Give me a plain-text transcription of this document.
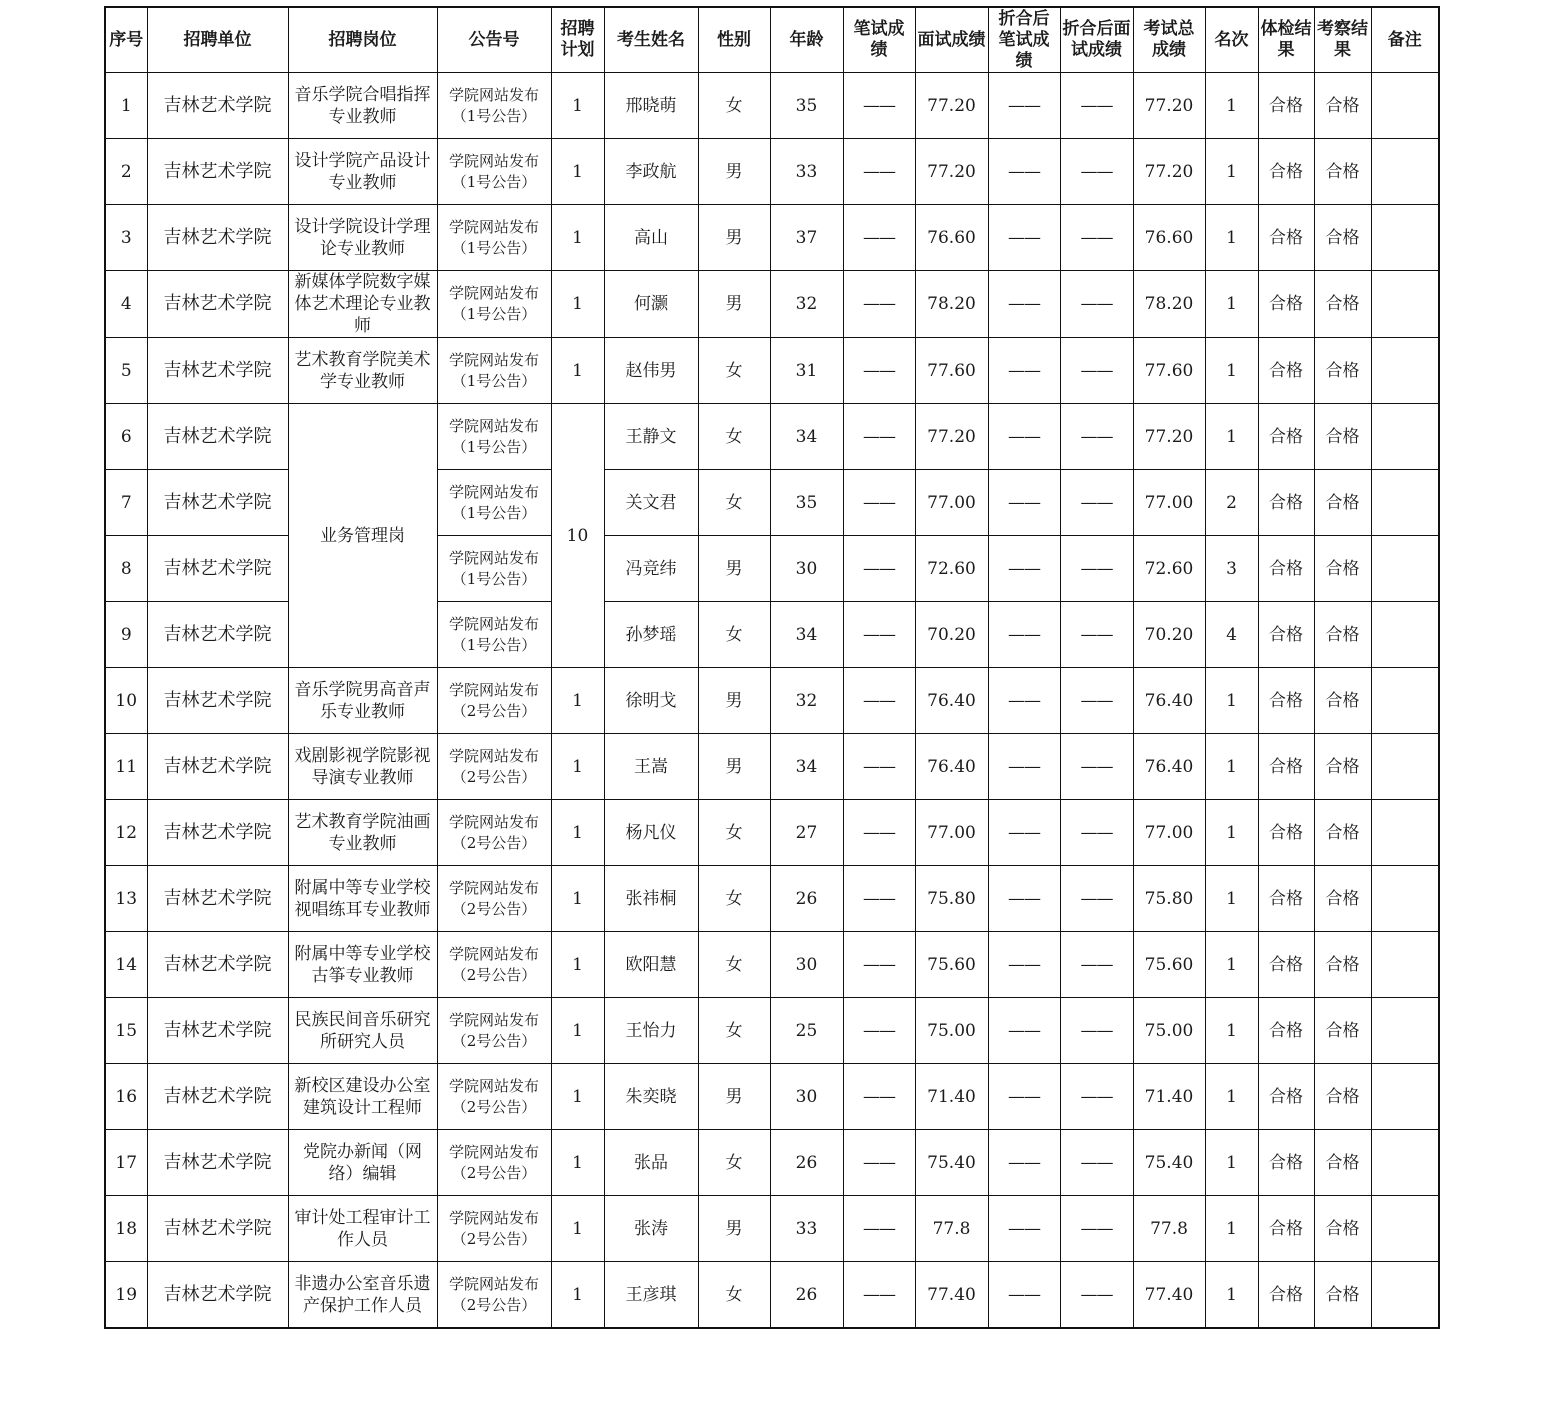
序号	招聘单位	招聘岗位	公告号	招聘计划	考生姓名	性别	年龄	笔试成绩	面试成绩	折合后笔试成绩	折合后面试成绩	考试总成绩	名次	体检结果	考察结果	备注
1	吉林艺术学院	音乐学院合唱指挥专业教师	学院网站发布（1号公告）	1	邢晓萌	女	35	——	77.20	——	——	77.20	1	合格	合格	
2	吉林艺术学院	设计学院产品设计专业教师	学院网站发布（1号公告）	1	李政航	男	33	——	77.20	——	——	77.20	1	合格	合格	
3	吉林艺术学院	设计学院设计学理论专业教师	学院网站发布（1号公告）	1	高山	男	37	——	76.60	——	——	76.60	1	合格	合格	
4	吉林艺术学院	新媒体学院数字媒体艺术理论专业教师	学院网站发布（1号公告）	1	何灏	男	32	——	78.20	——	——	78.20	1	合格	合格	
5	吉林艺术学院	艺术教育学院美术学专业教师	学院网站发布（1号公告）	1	赵伟男	女	31	——	77.60	——	——	77.60	1	合格	合格	
6	吉林艺术学院	业务管理岗	学院网站发布（1号公告）	10	王静文	女	34	——	77.20	——	——	77.20	1	合格	合格	
7	吉林艺术学院		学院网站发布（1号公告）		关文君	女	35	——	77.00	——	——	77.00	2	合格	合格	
8	吉林艺术学院		学院网站发布（1号公告）		冯竞纬	男	30	——	72.60	——	——	72.60	3	合格	合格	
9	吉林艺术学院		学院网站发布（1号公告）		孙梦瑶	女	34	——	70.20	——	——	70.20	4	合格	合格	
10	吉林艺术学院	音乐学院男高音声乐专业教师	学院网站发布（2号公告）	1	徐明戈	男	32	——	76.40	——	——	76.40	1	合格	合格	
11	吉林艺术学院	戏剧影视学院影视导演专业教师	学院网站发布（2号公告）	1	王嵩	男	34	——	76.40	——	——	76.40	1	合格	合格	
12	吉林艺术学院	艺术教育学院油画专业教师	学院网站发布（2号公告）	1	杨凡仪	女	27	——	77.00	——	——	77.00	1	合格	合格	
13	吉林艺术学院	附属中等专业学校视唱练耳专业教师	学院网站发布（2号公告）	1	张祎桐	女	26	——	75.80	——	——	75.80	1	合格	合格	
14	吉林艺术学院	附属中等专业学校古筝专业教师	学院网站发布（2号公告）	1	欧阳慧	女	30	——	75.60	——	——	75.60	1	合格	合格	
15	吉林艺术学院	民族民间音乐研究所研究人员	学院网站发布（2号公告）	1	王怡力	女	25	——	75.00	——	——	75.00	1	合格	合格	
16	吉林艺术学院	新校区建设办公室建筑设计工程师	学院网站发布（2号公告）	1	朱奕晓	男	30	——	71.40	——	——	71.40	1	合格	合格	
17	吉林艺术学院	党院办新闻（网络）编辑	学院网站发布（2号公告）	1	张品	女	26	——	75.40	——	——	75.40	1	合格	合格	
18	吉林艺术学院	审计处工程审计工作人员	学院网站发布（2号公告）	1	张涛	男	33	——	77.8	——	——	77.8	1	合格	合格	
19	吉林艺术学院	非遗办公室音乐遗产保护工作人员	学院网站发布（2号公告）	1	王彦琪	女	26	——	77.40	——	——	77.40	1	合格	合格	
